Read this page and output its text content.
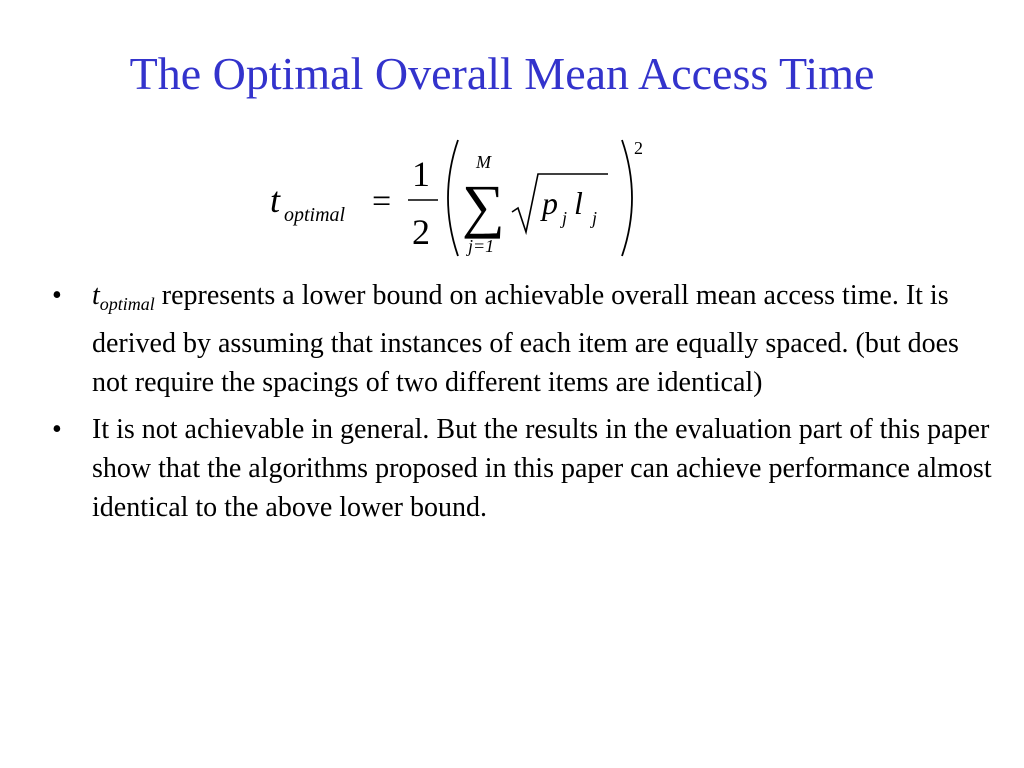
The Optimal Overall Mean Access Time
t optimal =
1
2
M
∑
j=1
p j l j
2
• $t_{optimal}$ represents a lower bound on achievable overall mean access time. It is derived by assuming that instances of each item are equally spaced. (but does not require the spacings of two different items are identical)
• It is not achievable in general. But the results in the evaluation part of this paper show that the algorithms proposed in this paper can achieve performance almost identical to the above lower bound.
